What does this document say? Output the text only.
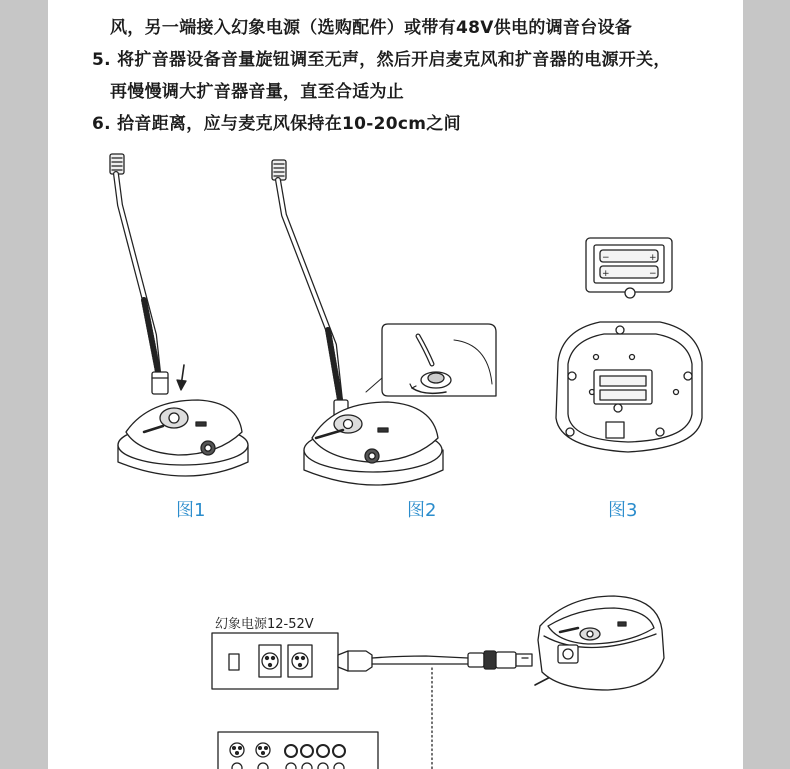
风，另一端接入幻象电源（选购配件）或带有48V供电的调音台设备
5. 将扩音器设备音量旋钮调至无声，然后开启麦克风和扩音器的电源开关，
再慢慢调大扩音器音量，直至合适为止
6. 拾音距离，应与麦克风保持在10-20cm之间
−	+
+	−
图1	图2	图3
幻象电源12-52V
